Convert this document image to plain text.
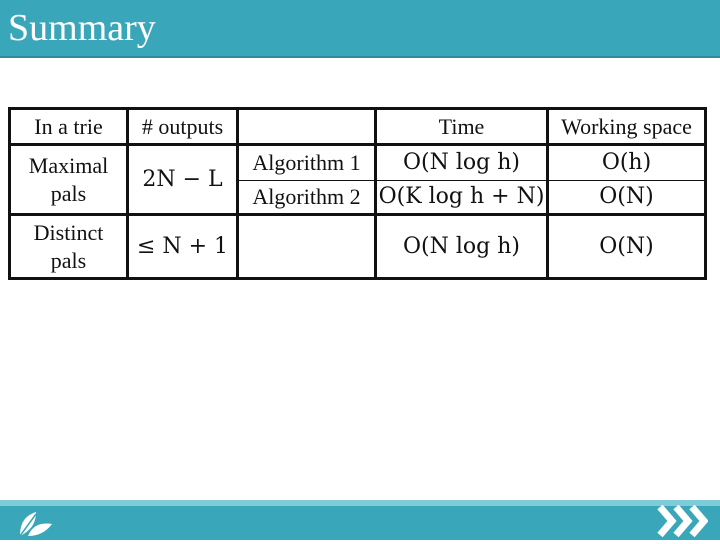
Summary
In a trie	# outputs		Time	Working space

Maximal
pals	2N − L	Algorithm 1	O(N log h)	O(h)
		Algorithm 2	O(K log h + N)	O(N)

Distinct
pals	≤ N + 1		O(N log h)	O(N)
